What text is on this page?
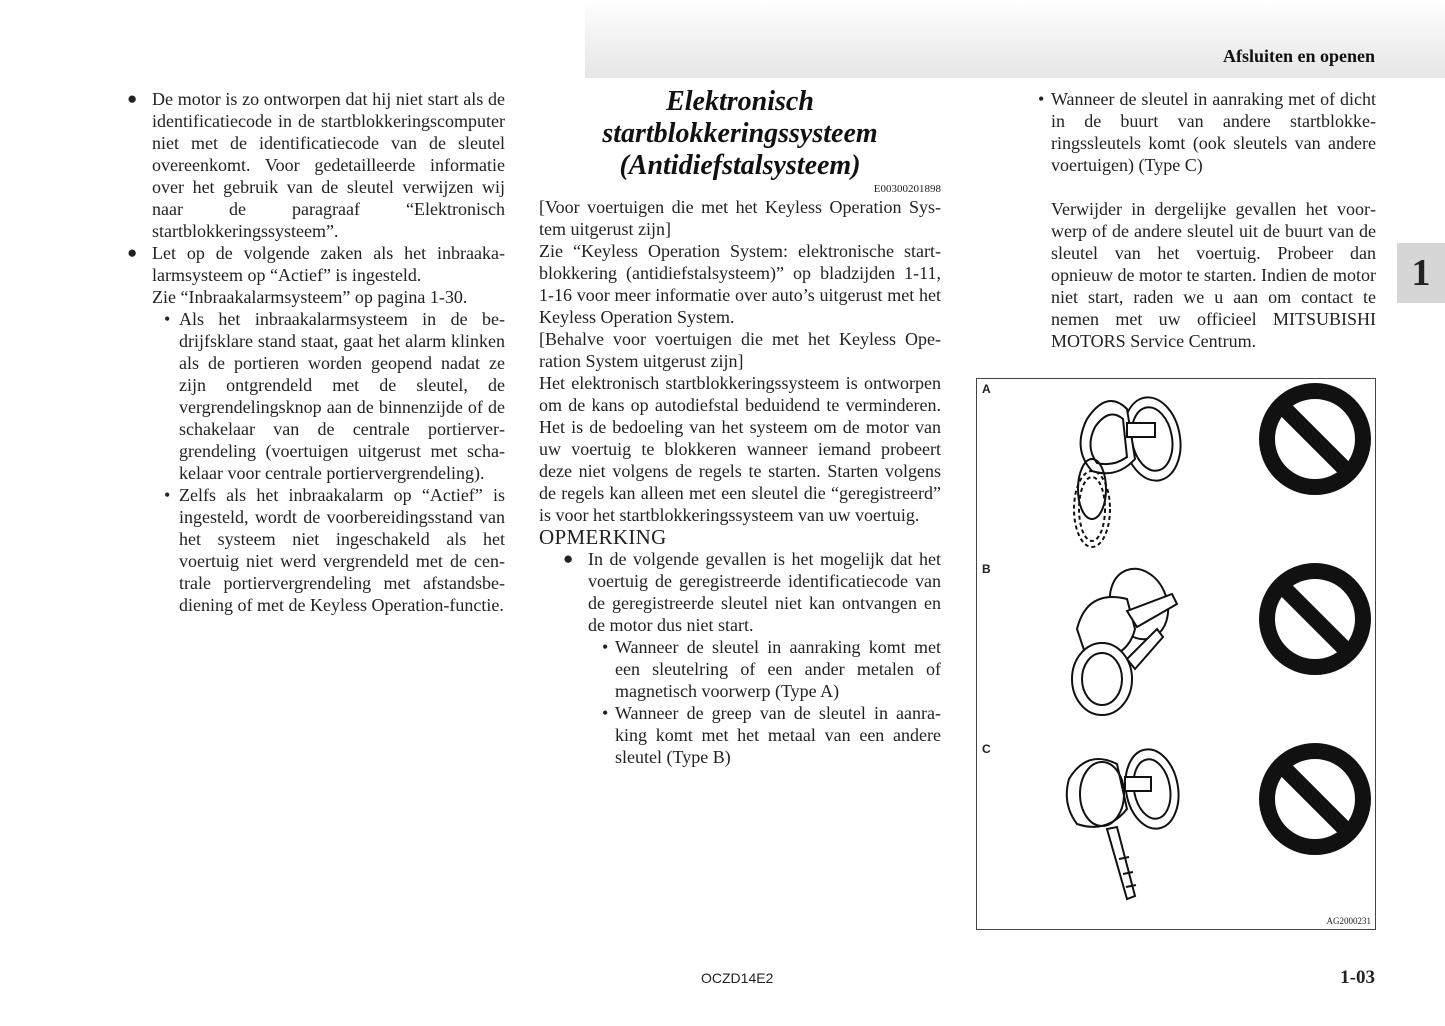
Afsluiten en openen
1
● De motor is zo ontworpen dat hij niet start als de identificatiecode in de startblokkeringscomputer niet met de identificatiecode van de sleutel overeenkomt. Voor gedetailleerde informatie over het gebruik van de sleutel verwijzen wij naar de paragraaf “Elektronisch startblokkeringssysteem”.

● Let op de volgende zaken als het inbraakalarmsysteem op “Actief” is ingesteld.

Zie “Inbraakalarmsysteem” op pagina 1-30.

• Als het inbraakalarmsysteem in de bedrijfsklare stand staat, gaat het alarm klinken als de portieren worden geopend nadat ze zijn ontgrendeld met de sleutel, de vergrendelingsknop aan de binnenzijde of de schakelaar van de centrale portiervergrendeling (voertuigen uitgerust met schakelaar voor centrale portiervergrendeling).

• Zelfs als het inbraakalarm op “Actief” is ingesteld, wordt de voorbereidingsstand van het systeem niet ingeschakeld als het voertuig niet werd vergrendeld met de centrale portiervergrendeling met afstandsbediening of met de Keyless Operation-functie.

Elektronisch

startblokkeringssysteem

(Antidiefstalsysteem)

E00300201898

[Voor voertuigen die met het Keyless Operation System uitgerust zijn]

Zie “Keyless Operation System: elektronische startblokkering (antidiefstalsysteem)” op bladzijden 1-11, 1-16 voor meer informatie over auto’s uitgerust met het Keyless Operation System.

[Behalve voor voertuigen die met het Keyless Operation System uitgerust zijn]

Het elektronisch startblokkeringssysteem is ontworpen om de kans op autodiefstal beduidend te verminderen. Het is de bedoeling van het systeem om de motor van uw voertuig te blokkeren wanneer iemand probeert deze niet volgens de regels te starten. Starten volgens de regels kan alleen met een sleutel die “geregistreerd” is voor het startblokkeringssysteem van uw voertuig.

OPMERKING

● In de volgende gevallen is het mogelijk dat het voertuig de geregistreerde identificatiecode van de geregistreerde sleutel niet kan ontvangen en de motor dus niet start.

• Wanneer de sleutel in aanraking komt met een sleutelring of een ander metalen of magnetisch voorwerp (Type A)

• Wanneer de greep van de sleutel in aanraking komt met het metaal van een andere sleutel (Type B)

• Wanneer de sleutel in aanraking met of dicht in de buurt van andere startblokkeringssleutels komt (ook sleutels van andere voertuigen) (Type C)

Verwijder in dergelijke gevallen het voorwerp of de andere sleutel uit de buurt van de sleutel van het voertuig. Probeer dan opnieuw de motor te starten. Indien de motor niet start, raden we u aan om contact te nemen met uw officieel MITSUBISHI MOTORS Service Centrum.

A
B
C
AG2000231
OCZD14E2	1-03
